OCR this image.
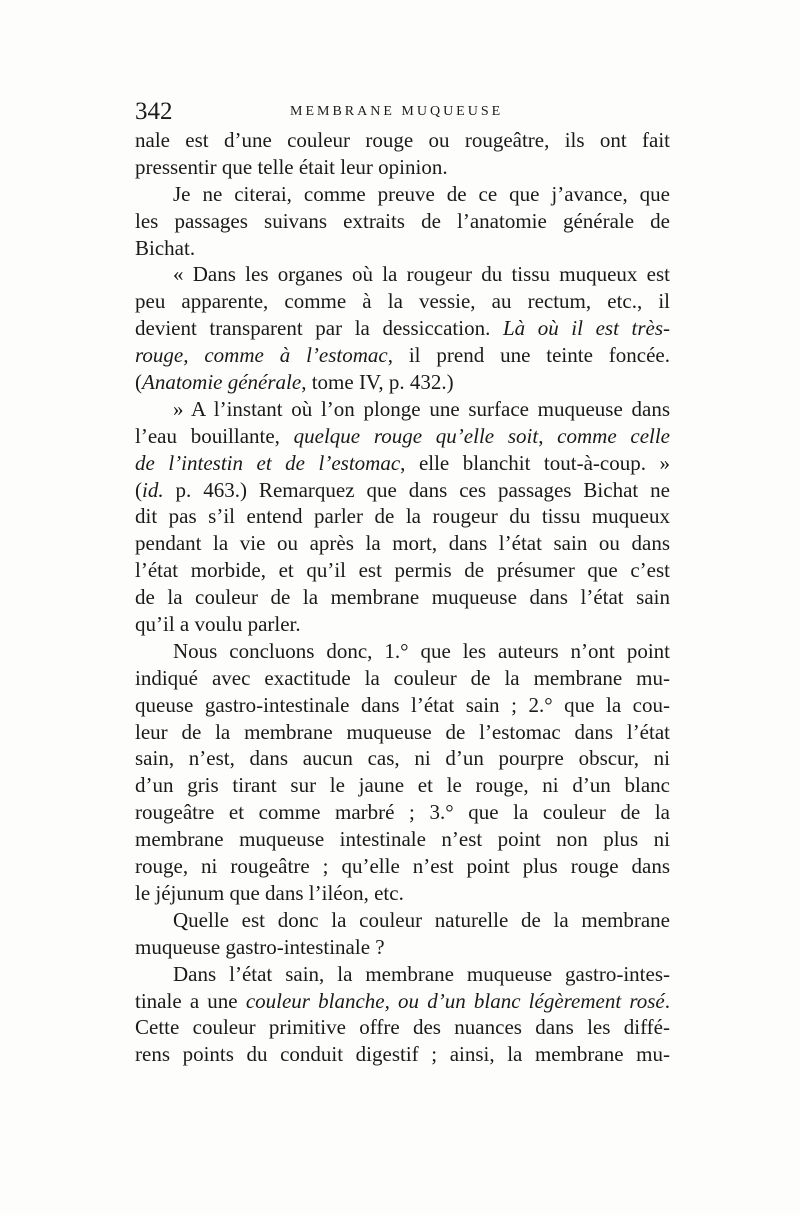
342	MEMBRANE MUQUEUSE
nale est d’une couleur rouge ou rougeâtre, ils ont fait
pressentir que telle était leur opinion.
Je ne citerai, comme preuve de ce que j’avance, que
les passages suivans extraits de l’anatomie générale de
Bichat.
« Dans les organes où la rougeur du tissu muqueux est
peu apparente, comme à la vessie, au rectum, etc., il
devient transparent par la dessiccation. Là où il est très-
rouge, comme à l’estomac, il prend une teinte foncée.
(Anatomie générale, tome IV, p. 432.)
» A l’instant où l’on plonge une surface muqueuse dans
l’eau bouillante, quelque rouge qu’elle soit, comme celle
de l’intestin et de l’estomac, elle blanchit tout-à-coup. »
(id. p. 463.) Remarquez que dans ces passages Bichat ne
dit pas s’il entend parler de la rougeur du tissu muqueux
pendant la vie ou après la mort, dans l’état sain ou dans
l’état morbide, et qu’il est permis de présumer que c’est
de la couleur de la membrane muqueuse dans l’état sain
qu’il a voulu parler.
Nous concluons donc, 1.° que les auteurs n’ont point
indiqué avec exactitude la couleur de la membrane mu-
queuse gastro-intestinale dans l’état sain ; 2.° que la cou-
leur de la membrane muqueuse de l’estomac dans l’état
sain, n’est, dans aucun cas, ni d’un pourpre obscur, ni
d’un gris tirant sur le jaune et le rouge, ni d’un blanc
rougeâtre et comme marbré ; 3.° que la couleur de la
membrane muqueuse intestinale n’est point non plus ni
rouge, ni rougeâtre ; qu’elle n’est point plus rouge dans
le jéjunum que dans l’iléon, etc.
Quelle est donc la couleur naturelle de la membrane
muqueuse gastro-intestinale ?
Dans l’état sain, la membrane muqueuse gastro-intes-
tinale a une couleur blanche, ou d’un blanc légèrement rosé.
Cette couleur primitive offre des nuances dans les diffé-
rens points du conduit digestif ; ainsi, la membrane mu-
